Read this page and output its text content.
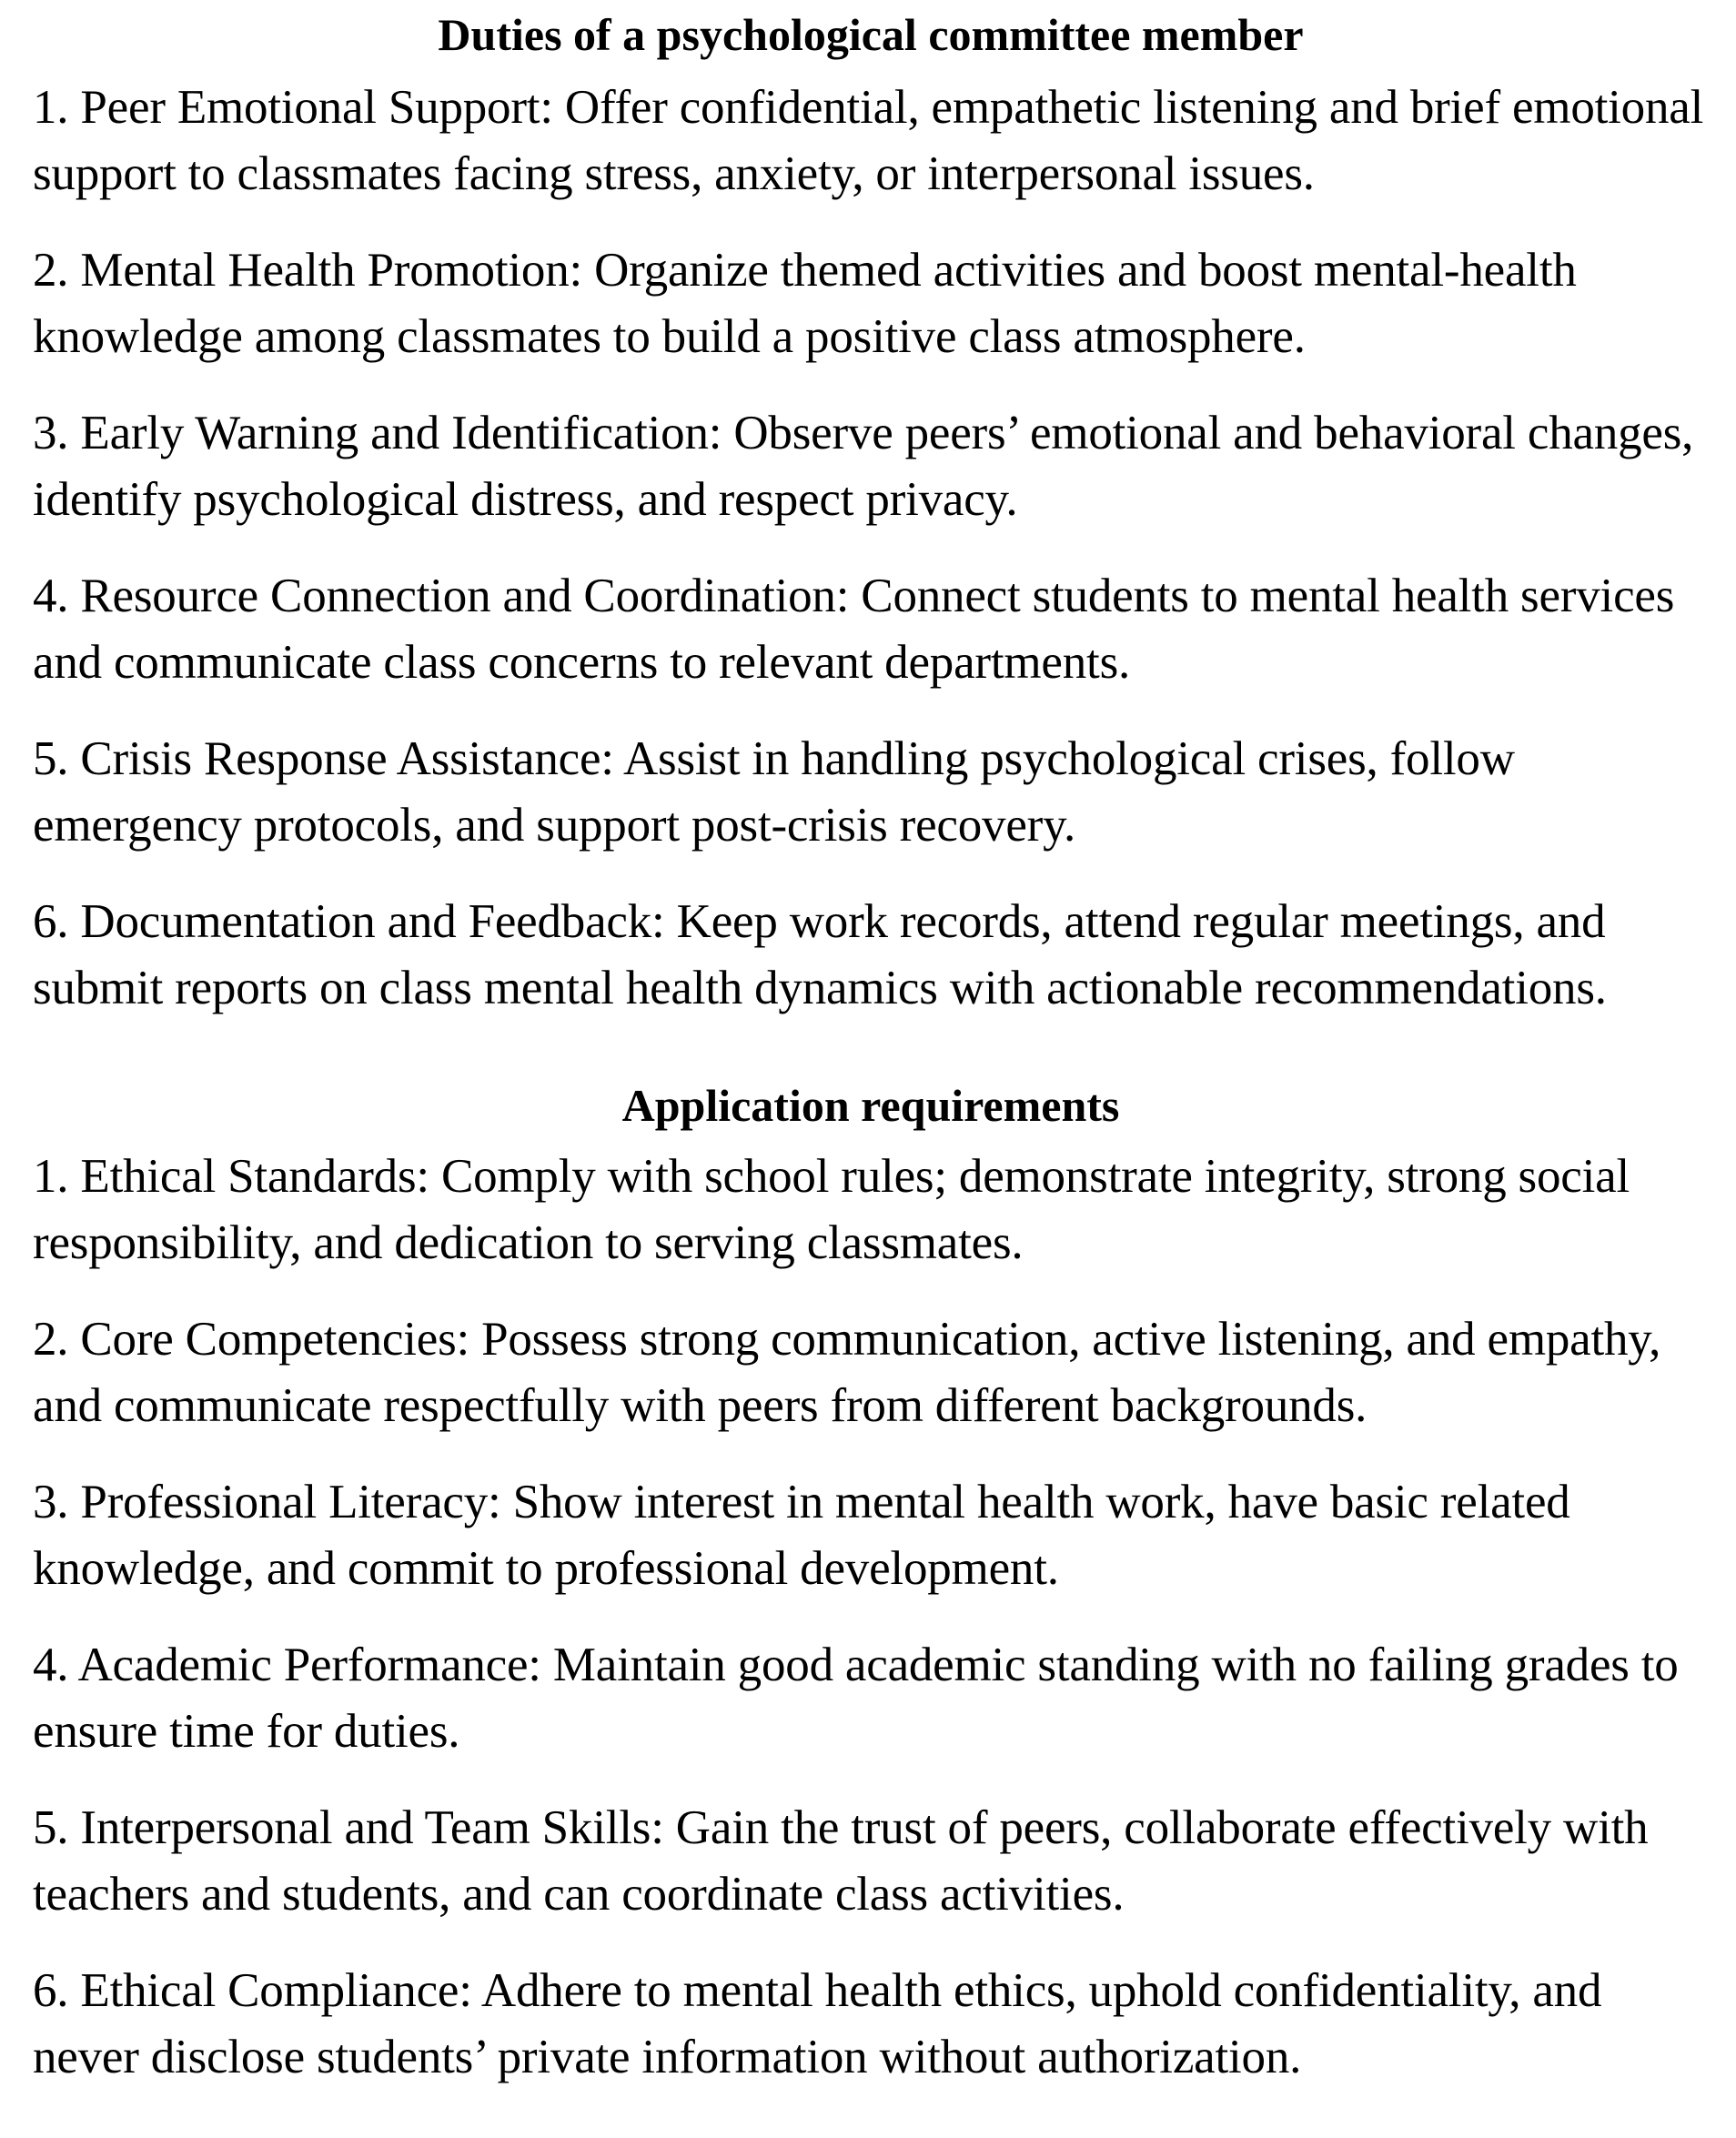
Duties of a psychological committee member

1. Peer Emotional Support: Offer confidential, empathetic listening and brief emotional support to classmates facing stress, anxiety, or interpersonal issues.

2. Mental Health Promotion: Organize themed activities and boost mental-health knowledge among classmates to build a positive class atmosphere.

3. Early Warning and Identification: Observe peers’ emotional and behavioral changes, identify psychological distress, and respect privacy.

4. Resource Connection and Coordination: Connect students to mental health services and communicate class concerns to relevant departments.

5. Crisis Response Assistance: Assist in handling psychological crises, follow emergency protocols, and support post-crisis recovery.

6. Documentation and Feedback: Keep work records, attend regular meetings, and submit reports on class mental health dynamics with actionable recommendations.

Application requirements

1. Ethical Standards: Comply with school rules; demonstrate integrity, strong social responsibility, and dedication to serving classmates.

2. Core Competencies: Possess strong communication, active listening, and empathy, and communicate respectfully with peers from different backgrounds.

3. Professional Literacy: Show interest in mental health work, have basic related knowledge, and commit to professional development.

4. Academic Performance: Maintain good academic standing with no failing grades to ensure time for duties.

5. Interpersonal and Team Skills: Gain the trust of peers, collaborate effectively with teachers and students, and can coordinate class activities.

6. Ethical Compliance: Adhere to mental health ethics, uphold confidentiality, and never disclose students’ private information without authorization.
